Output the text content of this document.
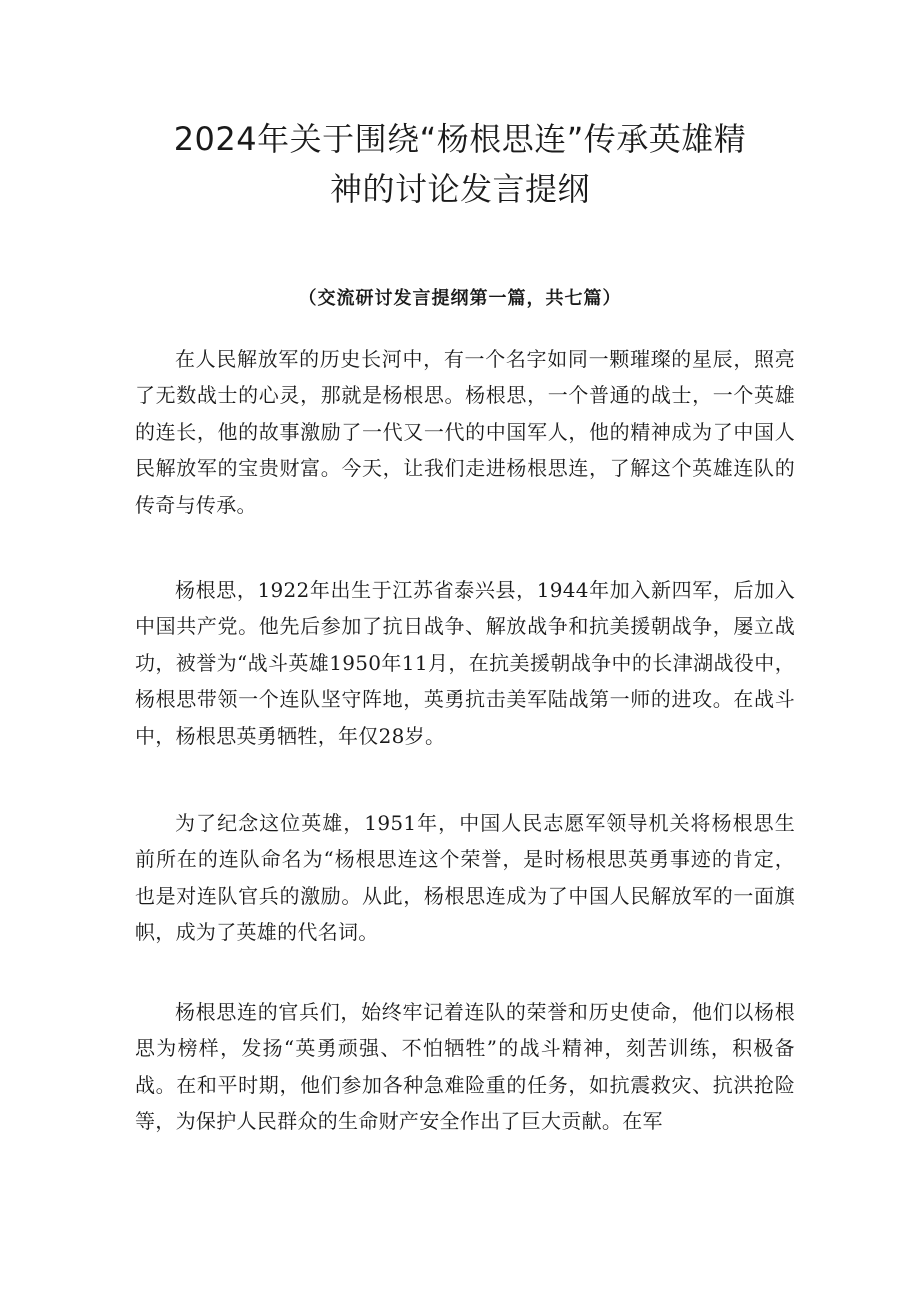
2024年关于围绕“杨根思连”传承英雄精
神的讨论发言提纲
（交流研讨发言提纲第一篇，共七篇）

在人民解放军的历史长河中，有一个名字如同一颗璀璨的星辰，照亮了无数战士的心灵，那就是杨根思。杨根思，一个普通的战士，一个英雄的连长，他的故事激励了一代又一代的中国军人，他的精神成为了中国人民解放军的宝贵财富。今天，让我们走进杨根思连，了解这个英雄连队的传奇与传承。

杨根思，1922年出生于江苏省泰兴县，1944年加入新四军，后加入中国共产党。他先后参加了抗日战争、解放战争和抗美援朝战争，屡立战功，被誉为“战斗英雄1950年11月，在抗美援朝战争中的长津湖战役中，杨根思带领一个连队坚守阵地，英勇抗击美军陆战第一师的进攻。在战斗中，杨根思英勇牺牲，年仅28岁。

为了纪念这位英雄，1951年，中国人民志愿军领导机关将杨根思生前所在的连队命名为“杨根思连这个荣誉，是时杨根思英勇事迹的肯定，也是对连队官兵的激励。从此，杨根思连成为了中国人民解放军的一面旗帜，成为了英雄的代名词。

杨根思连的官兵们，始终牢记着连队的荣誉和历史使命，他们以杨根思为榜样，发扬“英勇顽强、不怕牺牲”的战斗精神，刻苦训练，积极备战。在和平时期，他们参加各种急难险重的任务，如抗震救灾、抗洪抢险等，为保护人民群众的生命财产安全作出了巨大贡献。在军
